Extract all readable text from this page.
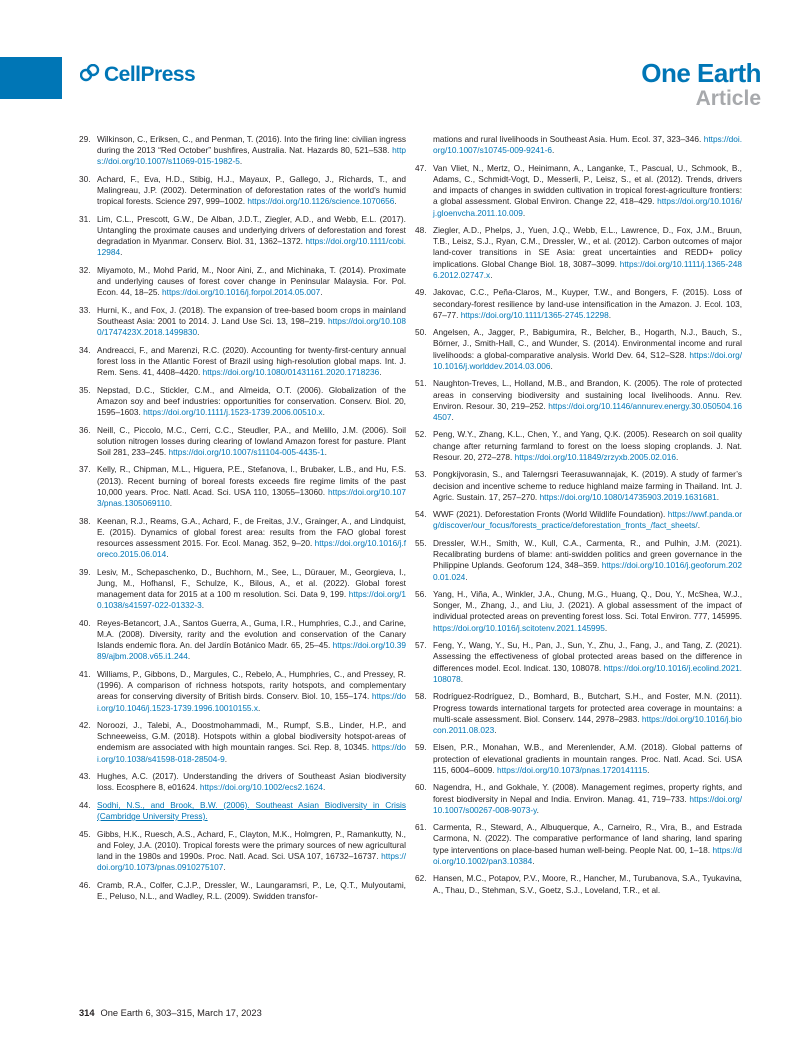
CellPress	One Earth
Article
29. Wilkinson, C., Eriksen, C., and Penman, T. (2016). Into the firing line: civilian ingress during the 2013 “Red October” bushfires, Australia. Nat. Hazards 80, 521–538. https://doi.org/10.1007/s11069-015-1982-5.
30. Achard, F., Eva, H.D., Stibig, H.J., Mayaux, P., Gallego, J., Richards, T., and Malingreau, J.P. (2002). Determination of deforestation rates of the world’s humid tropical forests. Science 297, 999–1002. https://doi.org/10.1126/science.1070656.
31. Lim, C.L., Prescott, G.W., De Alban, J.D.T., Ziegler, A.D., and Webb, E.L. (2017). Untangling the proximate causes and underlying drivers of deforestation and forest degradation in Myanmar. Conserv. Biol. 31, 1362–1372. https://doi.org/10.1111/cobi.12984.
32. Miyamoto, M., Mohd Parid, M., Noor Aini, Z., and Michinaka, T. (2014). Proximate and underlying causes of forest cover change in Peninsular Malaysia. For. Pol. Econ. 44, 18–25. https://doi.org/10.1016/j.forpol.2014.05.007.
33. Hurni, K., and Fox, J. (2018). The expansion of tree-based boom crops in mainland Southeast Asia: 2001 to 2014. J. Land Use Sci. 13, 198–219. https://doi.org/10.1080/1747423X.2018.1499830.
34. Andreacci, F., and Marenzi, R.C. (2020). Accounting for twenty-first-century annual forest loss in the Atlantic Forest of Brazil using high-resolution global maps. Int. J. Rem. Sens. 41, 4408–4420. https://doi.org/10.1080/01431161.2020.1718236.
35. Nepstad, D.C., Stickler, C.M., and Almeida, O.T. (2006). Globalization of the Amazon soy and beef industries: opportunities for conservation. Conserv. Biol. 20, 1595–1603. https://doi.org/10.1111/j.1523-1739.2006.00510.x.
36. Neill, C., Piccolo, M.C., Cerri, C.C., Steudler, P.A., and Melillo, J.M. (2006). Soil solution nitrogen losses during clearing of lowland Amazon forest for pasture. Plant Soil 281, 233–245. https://doi.org/10.1007/s11104-005-4435-1.
37. Kelly, R., Chipman, M.L., Higuera, P.E., Stefanova, I., Brubaker, L.B., and Hu, F.S. (2013). Recent burning of boreal forests exceeds fire regime limits of the past 10,000 years. Proc. Natl. Acad. Sci. USA 110, 13055–13060. https://doi.org/10.1073/pnas.1305069110.
38. Keenan, R.J., Reams, G.A., Achard, F., de Freitas, J.V., Grainger, A., and Lindquist, E. (2015). Dynamics of global forest area: results from the FAO global forest resources assessment 2015. For. Ecol. Manag. 352, 9–20. https://doi.org/10.1016/j.foreco.2015.06.014.
39. Lesiv, M., Schepaschenko, D., Buchhorn, M., See, L., Dürauer, M., Georgieva, I., Jung, M., Hofhansl, F., Schulze, K., Bilous, A., et al. (2022). Global forest management data for 2015 at a 100 m resolution. Sci. Data 9, 199. https://doi.org/10.1038/s41597-022-01332-3.
40. Reyes-Betancort, J.A., Santos Guerra, A., Guma, I.R., Humphries, C.J., and Carine, M.A. (2008). Diversity, rarity and the evolution and conservation of the Canary Islands endemic flora. An. del Jardín Botánico Madr. 65, 25–45. https://doi.org/10.3989/ajbm.2008.v65.i1.244.
41. Williams, P., Gibbons, D., Margules, C., Rebelo, A., Humphries, C., and Pressey, R. (1996). A comparison of richness hotspots, rarity hotspots, and complementary areas for conserving diversity of British birds. Conserv. Biol. 10, 155–174. https://doi.org/10.1046/j.1523-1739.1996.10010155.x.
42. Noroozi, J., Talebi, A., Doostmohammadi, M., Rumpf, S.B., Linder, H.P., and Schneeweiss, G.M. (2018). Hotspots within a global biodiversity hotspot-areas of endemism are associated with high mountain ranges. Sci. Rep. 8, 10345. https://doi.org/10.1038/s41598-018-28504-9.
43. Hughes, A.C. (2017). Understanding the drivers of Southeast Asian biodiversity loss. Ecosphere 8, e01624. https://doi.org/10.1002/ecs2.1624.
44. Sodhi, N.S., and Brook, B.W. (2006). Southeast Asian Biodiversity in Crisis (Cambridge University Press).
45. Gibbs, H.K., Ruesch, A.S., Achard, F., Clayton, M.K., Holmgren, P., Ramankutty, N., and Foley, J.A. (2010). Tropical forests were the primary sources of new agricultural land in the 1980s and 1990s. Proc. Natl. Acad. Sci. USA 107, 16732–16737. https://doi.org/10.1073/pnas.0910275107.
46. Cramb, R.A., Colfer, C.J.P., Dressler, W., Laungaramsri, P., Le, Q.T., Mulyoutami, E., Peluso, N.L., and Wadley, R.L. (2009). Swidden transfor-
mations and rural livelihoods in Southeast Asia. Hum. Ecol. 37, 323–346. https://doi.org/10.1007/s10745-009-9241-6.
47. Van Vliet, N., Mertz, O., Heinimann, A., Langanke, T., Pascual, U., Schmook, B., Adams, C., Schmidt-Vogt, D., Messerli, P., Leisz, S., et al. (2012). Trends, drivers and impacts of changes in swidden cultivation in tropical forest-agriculture frontiers: a global assessment. Global Environ. Change 22, 418–429. https://doi.org/10.1016/j.gloenvcha.2011.10.009.
48. Ziegler, A.D., Phelps, J., Yuen, J.Q., Webb, E.L., Lawrence, D., Fox, J.M., Bruun, T.B., Leisz, S.J., Ryan, C.M., Dressler, W., et al. (2012). Carbon outcomes of major land-cover transitions in SE Asia: great uncertainties and REDD+ policy implications. Global Change Biol. 18, 3087–3099. https://doi.org/10.1111/j.1365-2486.2012.02747.x.
49. Jakovac, C.C., Peña-Claros, M., Kuyper, T.W., and Bongers, F. (2015). Loss of secondary-forest resilience by land-use intensification in the Amazon. J. Ecol. 103, 67–77. https://doi.org/10.1111/1365-2745.12298.
50. Angelsen, A., Jagger, P., Babigumira, R., Belcher, B., Hogarth, N.J., Bauch, S., Börner, J., Smith-Hall, C., and Wunder, S. (2014). Environmental income and rural livelihoods: a global-comparative analysis. World Dev. 64, S12–S28. https://doi.org/10.1016/j.worlddev.2014.03.006.
51. Naughton-Treves, L., Holland, M.B., and Brandon, K. (2005). The role of protected areas in conserving biodiversity and sustaining local livelihoods. Annu. Rev. Environ. Resour. 30, 219–252. https://doi.org/10.1146/annurev.energy.30.050504.164507.
52. Peng, W.Y., Zhang, K.L., Chen, Y., and Yang, Q.K. (2005). Research on soil quality change after returning farmland to forest on the loess sloping croplands. J. Nat. Resour. 20, 272–278. https://doi.org/10.11849/zrzyxb.2005.02.016.
53. Pongkijvorasin, S., and Talerngsri Teerasuwannajak, K. (2019). A study of farmer’s decision and incentive scheme to reduce highland maize farming in Thailand. Int. J. Agric. Sustain. 17, 257–270. https://doi.org/10.1080/14735903.2019.1631681.
54. WWF (2021). Deforestation Fronts (World Wildlife Foundation). https://wwf.panda.org/discover/our_focus/forests_practice/deforestation_fronts_/fact_sheets/.
55. Dressler, W.H., Smith, W., Kull, C.A., Carmenta, R., and Pulhin, J.M. (2021). Recalibrating burdens of blame: anti-swidden politics and green governance in the Philippine Uplands. Geoforum 124, 348–359. https://doi.org/10.1016/j.geoforum.2020.01.024.
56. Yang, H., Viña, A., Winkler, J.A., Chung, M.G., Huang, Q., Dou, Y., McShea, W.J., Songer, M., Zhang, J., and Liu, J. (2021). A global assessment of the impact of individual protected areas on preventing forest loss. Sci. Total Environ. 777, 145995. https://doi.org/10.1016/j.scitotenv.2021.145995.
57. Feng, Y., Wang, Y., Su, H., Pan, J., Sun, Y., Zhu, J., Fang, J., and Tang, Z. (2021). Assessing the effectiveness of global protected areas based on the difference in differences model. Ecol. Indicat. 130, 108078. https://doi.org/10.1016/j.ecolind.2021.108078.
58. Rodríguez-Rodríguez, D., Bomhard, B., Butchart, S.H., and Foster, M.N. (2011). Progress towards international targets for protected area coverage in mountains: a multi-scale assessment. Biol. Conserv. 144, 2978–2983. https://doi.org/10.1016/j.biocon.2011.08.023.
59. Elsen, P.R., Monahan, W.B., and Merenlender, A.M. (2018). Global patterns of protection of elevational gradients in mountain ranges. Proc. Natl. Acad. Sci. USA 115, 6004–6009. https://doi.org/10.1073/pnas.1720141115.
60. Nagendra, H., and Gokhale, Y. (2008). Management regimes, property rights, and forest biodiversity in Nepal and India. Environ. Manag. 41, 719–733. https://doi.org/10.1007/s00267-008-9073-y.
61. Carmenta, R., Steward, A., Albuquerque, A., Carneiro, R., Vira, B., and Estrada Carmona, N. (2022). The comparative performance of land sharing, land sparing type interventions on place-based human well-being. People Nat. 00, 1–18. https://doi.org/10.1002/pan3.10384.
62. Hansen, M.C., Potapov, P.V., Moore, R., Hancher, M., Turubanova, S.A., Tyukavina, A., Thau, D., Stehman, S.V., Goetz, S.J., Loveland, T.R., et al.
314 One Earth 6, 303–315, March 17, 2023
